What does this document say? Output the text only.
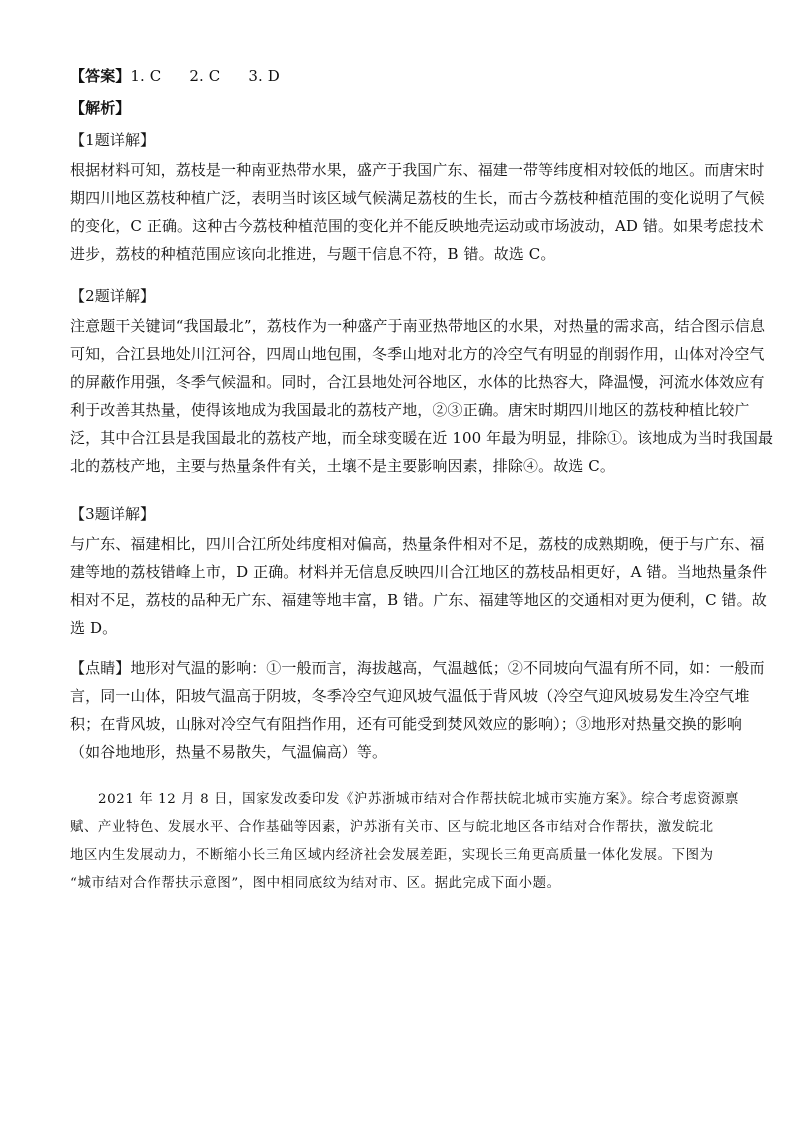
【答案】1. C 2. C 3. D
【解析】
【1题详解】
根据材料可知，荔枝是一种南亚热带水果，盛产于我国广东、福建一带等纬度相对较低的地区。而唐宋时
期四川地区荔枝种植广泛，表明当时该区域气候满足荔枝的生长，而古今荔枝种植范围的变化说明了气候
的变化，C 正确。这种古今荔枝种植范围的变化并不能反映地壳运动或市场波动，AD 错。如果考虑技术
进步，荔枝的种植范围应该向北推进，与题干信息不符，B 错。故选 C。
【2题详解】
注意题干关键词“我国最北”，荔枝作为一种盛产于南亚热带地区的水果，对热量的需求高，结合图示信息
可知，合江县地处川江河谷，四周山地包围，冬季山地对北方的冷空气有明显的削弱作用，山体对冷空气
的屏蔽作用强，冬季气候温和。同时，合江县地处河谷地区，水体的比热容大，降温慢，河流水体效应有
利于改善其热量，使得该地成为我国最北的荔枝产地，②③正确。唐宋时期四川地区的荔枝种植比较广
泛，其中合江县是我国最北的荔枝产地，而全球变暖在近 100 年最为明显，排除①。该地成为当时我国最
北的荔枝产地，主要与热量条件有关，土壤不是主要影响因素，排除④。故选 C。
【3题详解】
与广东、福建相比，四川合江所处纬度相对偏高，热量条件相对不足，荔枝的成熟期晚，便于与广东、福
建等地的荔枝错峰上市，D 正确。材料并无信息反映四川合江地区的荔枝品相更好，A 错。当地热量条件
相对不足，荔枝的品种无广东、福建等地丰富，B 错。广东、福建等地区的交通相对更为便利，C 错。故
选 D。
【点睛】地形对气温的影响：①一般而言，海拔越高，气温越低；②不同坡向气温有所不同，如：一般而
言，同一山体，阳坡气温高于阴坡，冬季冷空气迎风坡气温低于背风坡（冷空气迎风坡易发生冷空气堆
积；在背风坡，山脉对冷空气有阻挡作用，还有可能受到焚风效应的影响）；③地形对热量交换的影响
（如谷地地形，热量不易散失，气温偏高）等。
2021 年 12 月 8 日，国家发改委印发《沪苏浙城市结对合作帮扶皖北城市实施方案》。综合考虑资源禀
赋、产业特色、发展水平、合作基础等因素，沪苏浙有关市、区与皖北地区各市结对合作帮扶，激发皖北
地区内生发展动力，不断缩小长三角区域内经济社会发展差距，实现长三角更高质量一体化发展。下图为
“城市结对合作帮扶示意图”，图中相同底纹为结对市、区。据此完成下面小题。
